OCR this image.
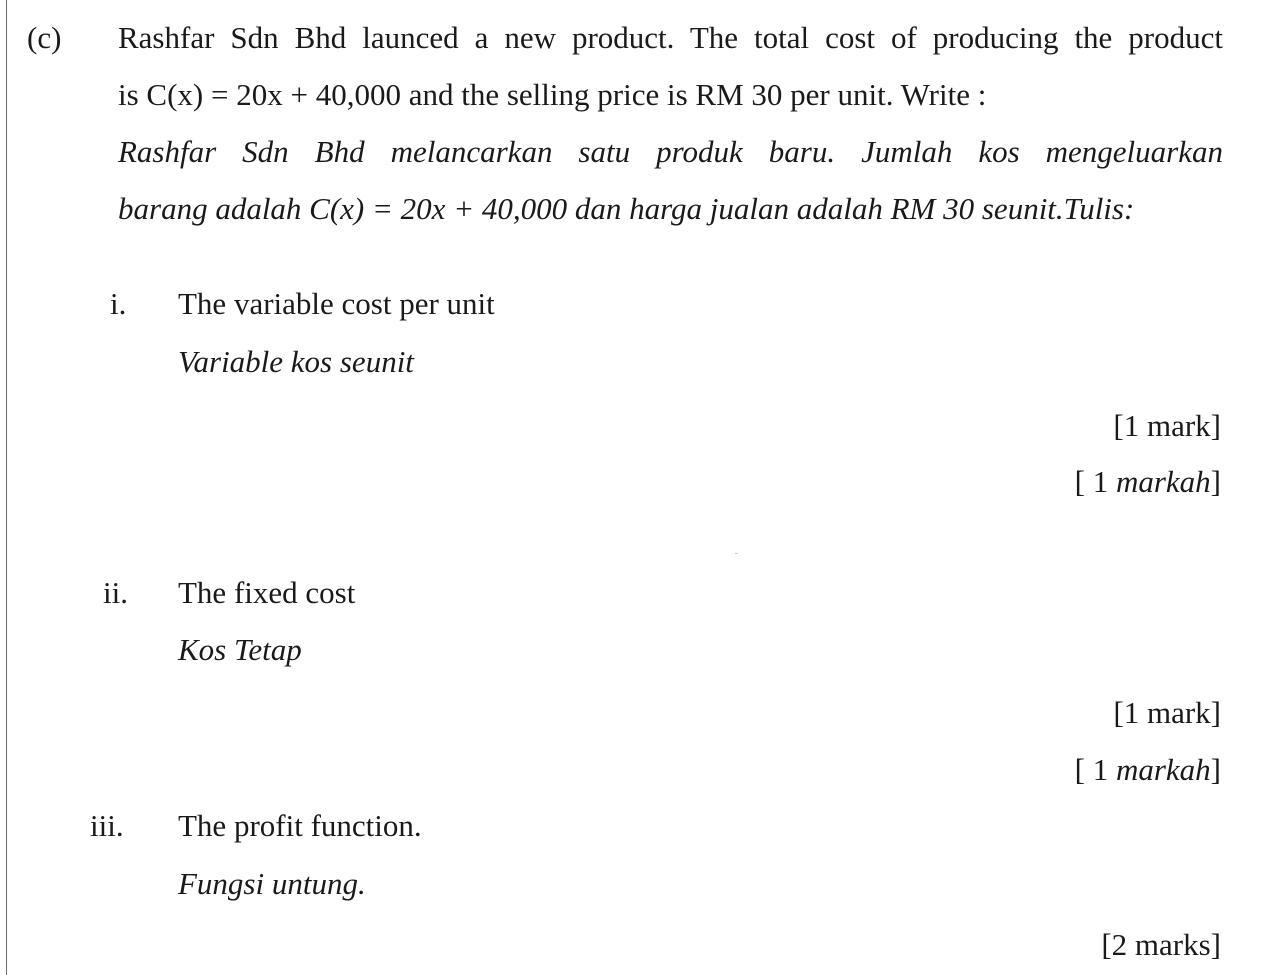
(c) Rashfar Sdn Bhd launced a new product. The total cost of producing the product
is C(x) = 20x + 40,000 and the selling price is RM 30 per unit. Write :
Rashfar Sdn Bhd melancarkan satu produk baru. Jumlah kos mengeluarkan
barang adalah C(x) = 20x + 40,000 dan harga jualan adalah RM 30 seunit.Tulis:
i. The variable cost per unit
Variable kos seunit
[1 mark]
[ 1 markah]
ii. The fixed cost
Kos Tetap
[1 mark]
[ 1 markah]
iii. The profit function.
Fungsi untung.
[2 marks]
